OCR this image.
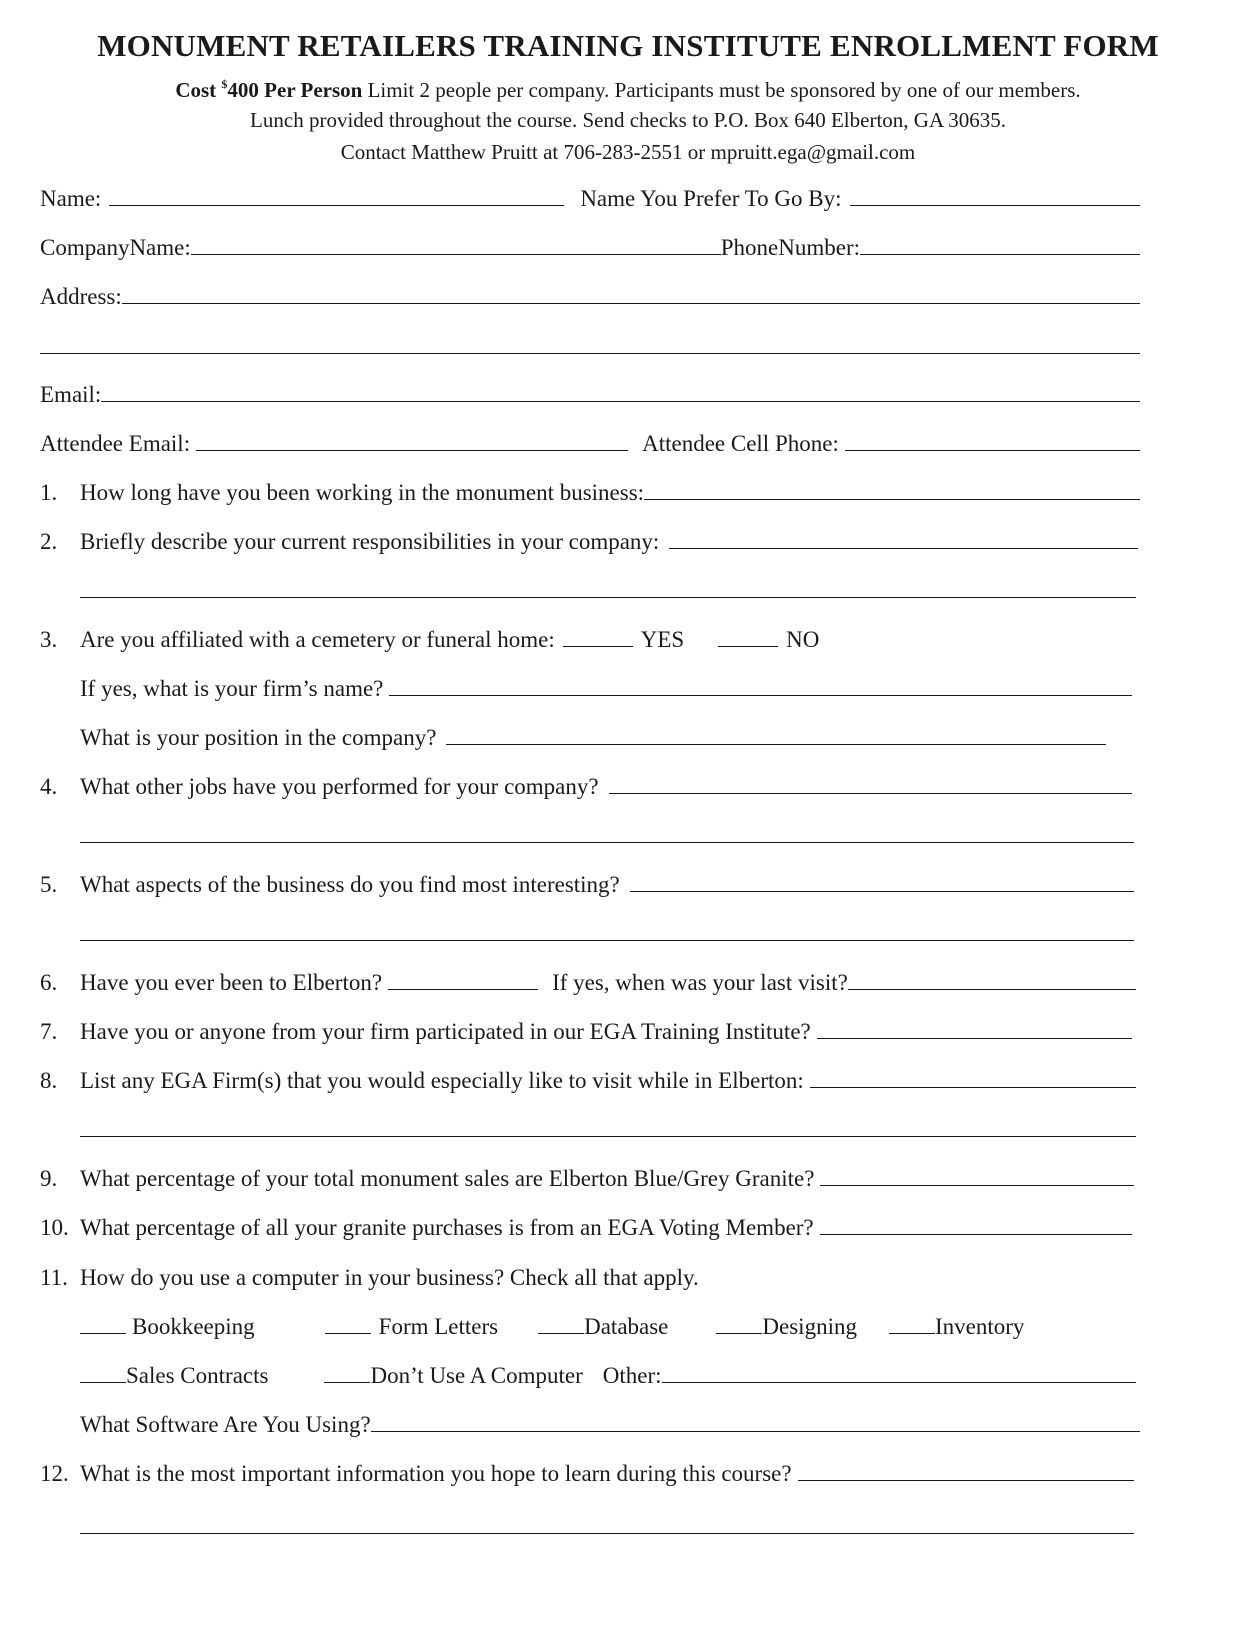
MONUMENT RETAILERS TRAINING INSTITUTE ENROLLMENT FORM
Cost $400 Per Person Limit 2 people per company. Participants must be sponsored by one of our members.
Lunch provided throughout the course. Send checks to P.O. Box 640 Elberton, GA 30635.
Contact Matthew Pruitt at 706-283-2551 or mpruitt.ega@gmail.com
Name:	Name You Prefer To Go By:
CompanyName:	PhoneNumber:
Address:
Email:
Attendee Email:	Attendee Cell Phone:
1. How long have you been working in the monument business:
2. Briefly describe your current responsibilities in your company:
3. Are you affiliated with a cemetery or funeral home:	YES	NO
If yes, what is your firm’s name?
What is your position in the company?
4. What other jobs have you performed for your company?
5. What aspects of the business do you find most interesting?
6. Have you ever been to Elberton?	If yes, when was your last visit?
7. Have you or anyone from your firm participated in our EGA Training Institute?
8. List any EGA Firm(s) that you would especially like to visit while in Elberton:
9. What percentage of your total monument sales are Elberton Blue/Grey Granite?
10. What percentage of all your granite purchases is from an EGA Voting Member?
11. How do you use a computer in your business? Check all that apply.
Bookkeeping	Form Letters	Database	Designing	Inventory
Sales Contracts	Don’t Use A Computer Other:
What Software Are You Using?
12. What is the most important information you hope to learn during this course?
